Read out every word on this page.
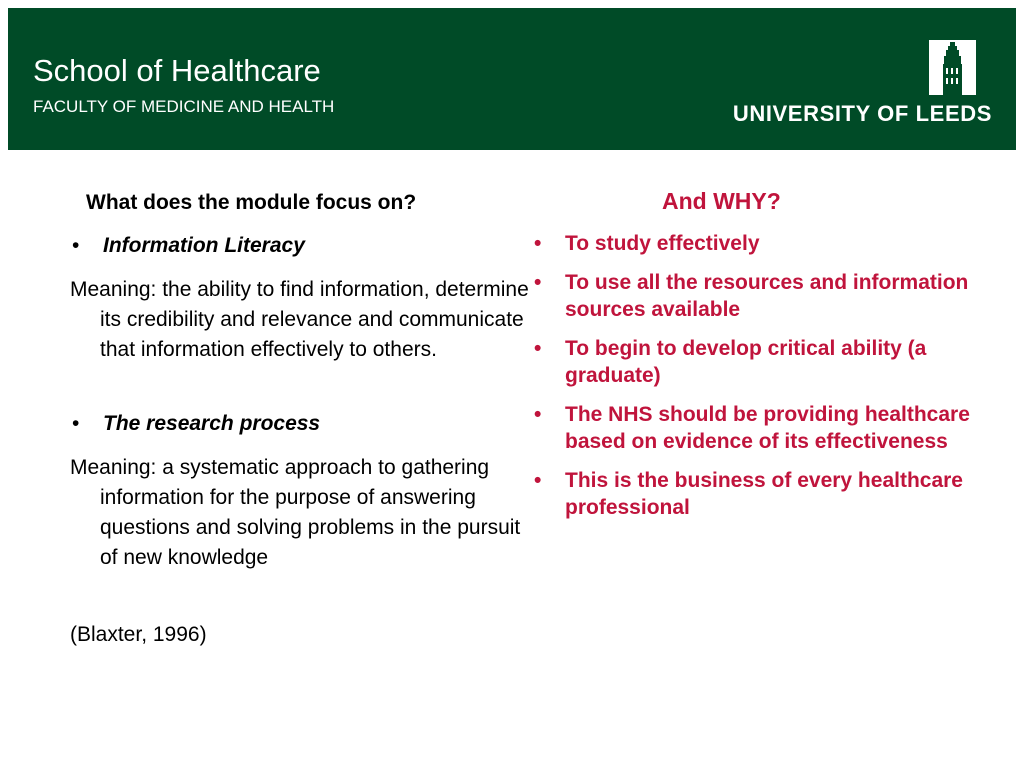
School of Healthcare
FACULTY OF MEDICINE AND HEALTH	UNIVERSITY OF LEEDS
What does the module focus on?
• Information Literacy
Meaning: the ability to find information, determine its credibility and relevance and communicate that information effectively to others.
• The research process
Meaning: a systematic approach to gathering information for the purpose of answering questions and solving problems in the pursuit of new knowledge
(Blaxter, 1996)
And WHY?
• To study effectively
• To use all the resources and information sources available
• To begin to develop critical ability (a graduate)
• The NHS should be providing healthcare based on evidence of its effectiveness
• This is the business of every healthcare professional
